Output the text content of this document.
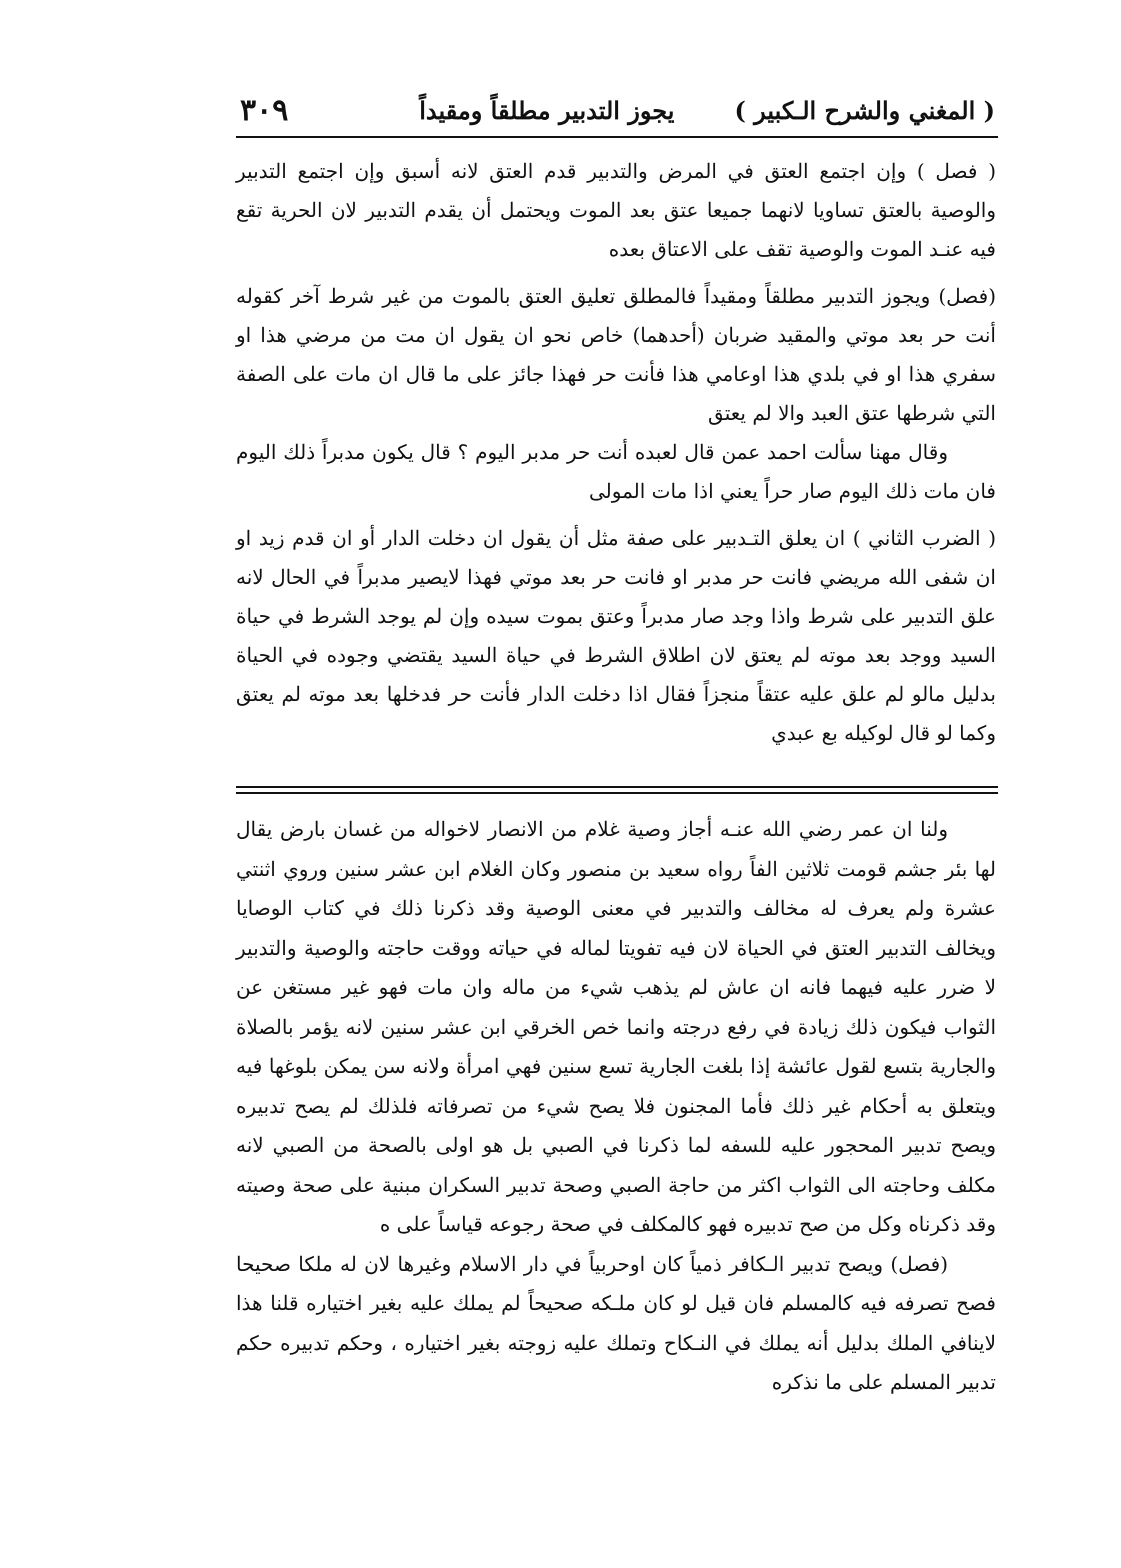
( المغني والشرح الـكبير )
يجوز التدبير مطلقاً ومقيداً
٣٠٩

( فصل ) وإن اجتمع العتق في المرض والتدبير قدم العتق لانه أسبق وإن اجتمع التدبير والوصية بالعتق تساويا لانهما جميعا عتق بعد الموت ويحتمل أن يقدم التدبير لان الحرية تقع فيه عنـد الموت والوصية تقف على الاعتاق بعده

(فصل) ويجوز التدبير مطلقاً ومقيداً فالمطلق تعليق العتق بالموت من غير شرط آخر كقوله أنت حر بعد موتي والمقيد ضربان (أحدهما) خاص نحو ان يقول ان مت من مرضي هذا او سفري هذا او في بلدي هذا اوعامي هذا فأنت حر فهذا جائز على ما قال ان مات على الصفة التي شرطها عتق العبد والا لم يعتق

وقال مهنا سألت احمد عمن قال لعبده أنت حر مدبر اليوم ؟ قال يكون مدبراً ذلك اليوم فان مات ذلك اليوم صار حراً يعني اذا مات المولى

( الضرب الثاني ) ان يعلق التـدبير على صفة مثل أن يقول ان دخلت الدار أو ان قدم زيد او ان شفى الله مريضي فانت حر مدبر او فانت حر بعد موتي فهذا لايصير مدبراً في الحال لانه علق التدبير على شرط واذا وجد صار مدبراً وعتق بموت سيده وإن لم يوجد الشرط في حياة السيد ووجد بعد موته لم يعتق لان اطلاق الشرط في حياة السيد يقتضي وجوده في الحياة بدليل مالو لم علق عليه عتقاً منجزاً فقال اذا دخلت الدار فأنت حر فدخلها بعد موته لم يعتق وكما لو قال لوكيله بع عبدي

ولنا ان عمر رضي الله عنـه أجاز وصية غلام من الانصار لاخواله من غسان بارض يقال لها بئر جشم قومت ثلاثين الفاً رواه سعيد بن منصور وكان الغلام ابن عشر سنين وروي اثنتي عشرة ولم يعرف له مخالف والتدبير في معنى الوصية وقد ذكرنا ذلك في كتاب الوصايا ويخالف التدبير العتق في الحياة لان فيه تفويتا لماله في حياته ووقت حاجته والوصية والتدبير لا ضرر عليه فيهما فانه ان عاش لم يذهب شيء من ماله وان مات فهو غير مستغن عن الثواب فيكون ذلك زيادة في رفع درجته وانما خص الخرقي ابن عشر سنين لانه يؤمر بالصلاة والجارية بتسع لقول عائشة إذا بلغت الجارية تسع سنين فهي امرأة ولانه سن يمكن بلوغها فيه ويتعلق به أحكام غير ذلك فأما المجنون فلا يصح شيء من تصرفاته فلذلك لم يصح تدبيره ويصح تدبير المحجور عليه للسفه لما ذكرنا في الصبي بل هو اولى بالصحة من الصبي لانه مكلف وحاجته الى الثواب اكثر من حاجة الصبي وصحة تدبير السكران مبنية على صحة وصيته وقد ذكرناه وكل من صح تدبيره فهو كالمكلف في صحة رجوعه قياساً على ه

(فصل) ويصح تدبير الـكافر ذمياً كان اوحربياً في دار الاسلام وغيرها لان له ملكا صحيحا فصح تصرفه فيه كالمسلم فان قيل لو كان ملـكه صحيحاً لم يملك عليه بغير اختياره قلنا هذا لاينافي الملك بدليل أنه يملك في النـكاح وتملك عليه زوجته بغير اختياره ، وحكم تدبيره حكم تدبير المسلم على ما نذكره
